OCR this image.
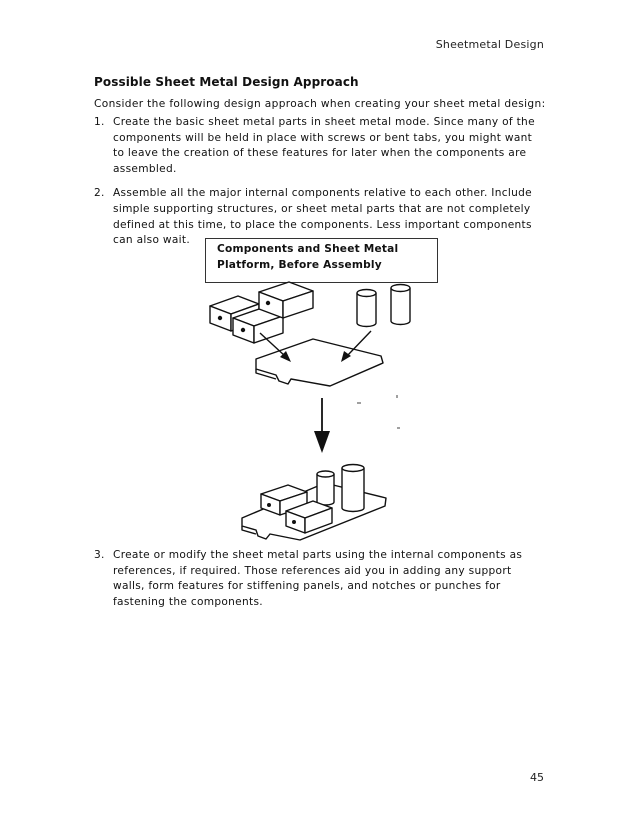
Sheetmetal Design
Possible Sheet Metal Design Approach
Consider the following design approach when creating your sheet metal design:
1. Create the basic sheet metal parts in sheet metal mode. Since many of the components will be held in place with screws or bent tabs, you might want to leave the creation of these features for later when the components are assembled.
2. Assemble all the major internal components relative to each other. Include simple supporting structures, or sheet metal parts that are not completely defined at this time, to place the components. Less important components can also wait.
Components and Sheet Metal
Platform, Before Assembly
3. Create or modify the sheet metal parts using the internal components as references, if required. Those references aid you in adding any support walls, form features for stiffening panels, and notches or punches for fastening the components.
45
